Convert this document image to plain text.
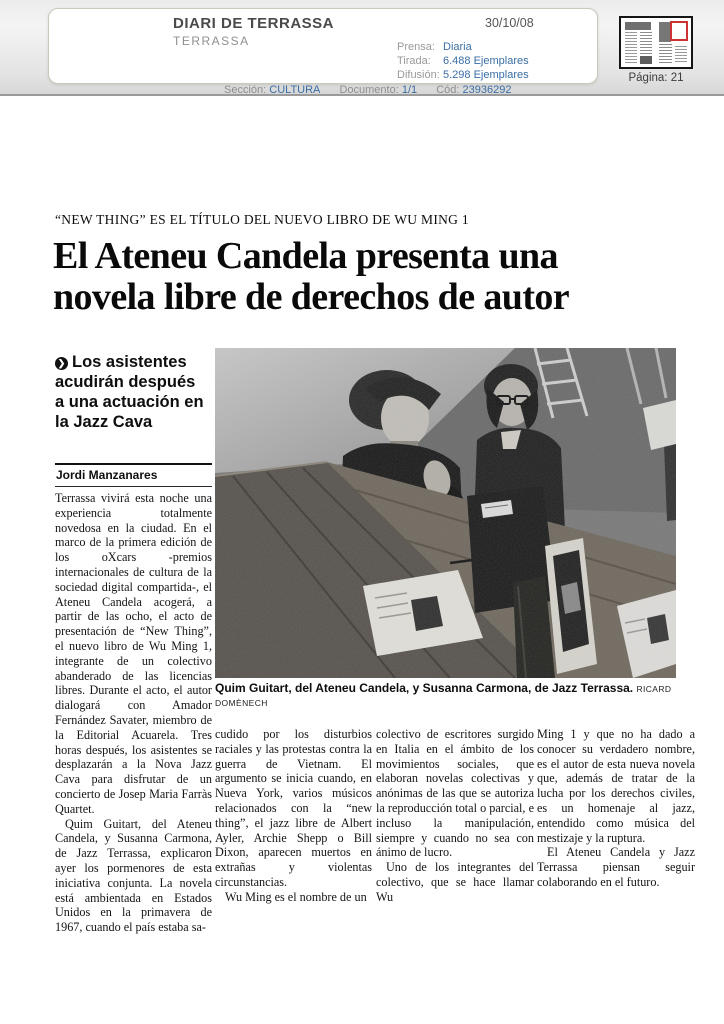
DIARI DE TERRASSA
TERRASSA
30/10/08
Prensa: Diaria
Tirada: 6.488 Ejemplares
Difusión: 5.298 Ejemplares
Sección: CULTURA Documento: 1/1 Cód: 23936292
Página: 21
“NEW THING” ES EL TÍTULO DEL NUEVO LIBRO DE WU MING 1
El Ateneu Candela presenta una
novela libre de derechos de autor
❯ Los asistentes acudirán después a una actuación en la Jazz Cava
Jordi Manzanares

Terrassa vivirá esta noche una experiencia totalmente novedosa en la ciudad. En el marco de la primera edición de los oXcars -premios internacionales de cultura de la sociedad digital compartida-, el Ateneu Candela acogerá, a partir de las ocho, el acto de presentación de “New Thing”, el nuevo libro de Wu Ming 1, integrante de un colectivo abanderado de las licencias libres. Durante el acto, el autor dialogará con Amador Fernández Savater, miembro de la Editorial Acuarela. Tres horas después, los asistentes se desplazarán a la Nova Jazz Cava para disfrutar de un concierto de Josep Maria Farràs Quartet.

Quim Guitart, del Ateneu Candela, y Susanna Carmona, de Jazz Terrassa, explicaron ayer los pormenores de esta iniciativa conjunta. La novela está ambientada en Estados Unidos en la primavera de 1967, cuando el país estaba sa-

Quim Guitart, del Ateneu Candela, y Susanna Carmona, de Jazz Terrassa. RICARD DOMÈNECH

cudido por los disturbios raciales y las protestas contra la guerra de Vietnam. El argumento se inicia cuando, en Nueva York, varios músicos relacionados con la “new thing”, el jazz libre de Albert Ayler, Archie Shepp o Bill Dixon, aparecen muertos en extrañas y violentas circunstancias.

Wu Ming es el nombre de un

colectivo de escritores surgido en Italia en el ámbito de los movimientos sociales, que elaboran novelas colectivas y anónimas de las que se autoriza la reproducción total o parcial, e incluso la manipulación, siempre y cuando no sea con ánimo de lucro.

Uno de los integrantes del colectivo, que se hace llamar Wu

Ming 1 y que no ha dado a conocer su verdadero nombre, es el autor de esta nueva novela que, además de tratar de la lucha por los derechos civiles, es un homenaje al jazz, entendido como música del mestizaje y la ruptura.

El Ateneu Candela y Jazz Terrassa piensan seguir colaborando en el futuro.
